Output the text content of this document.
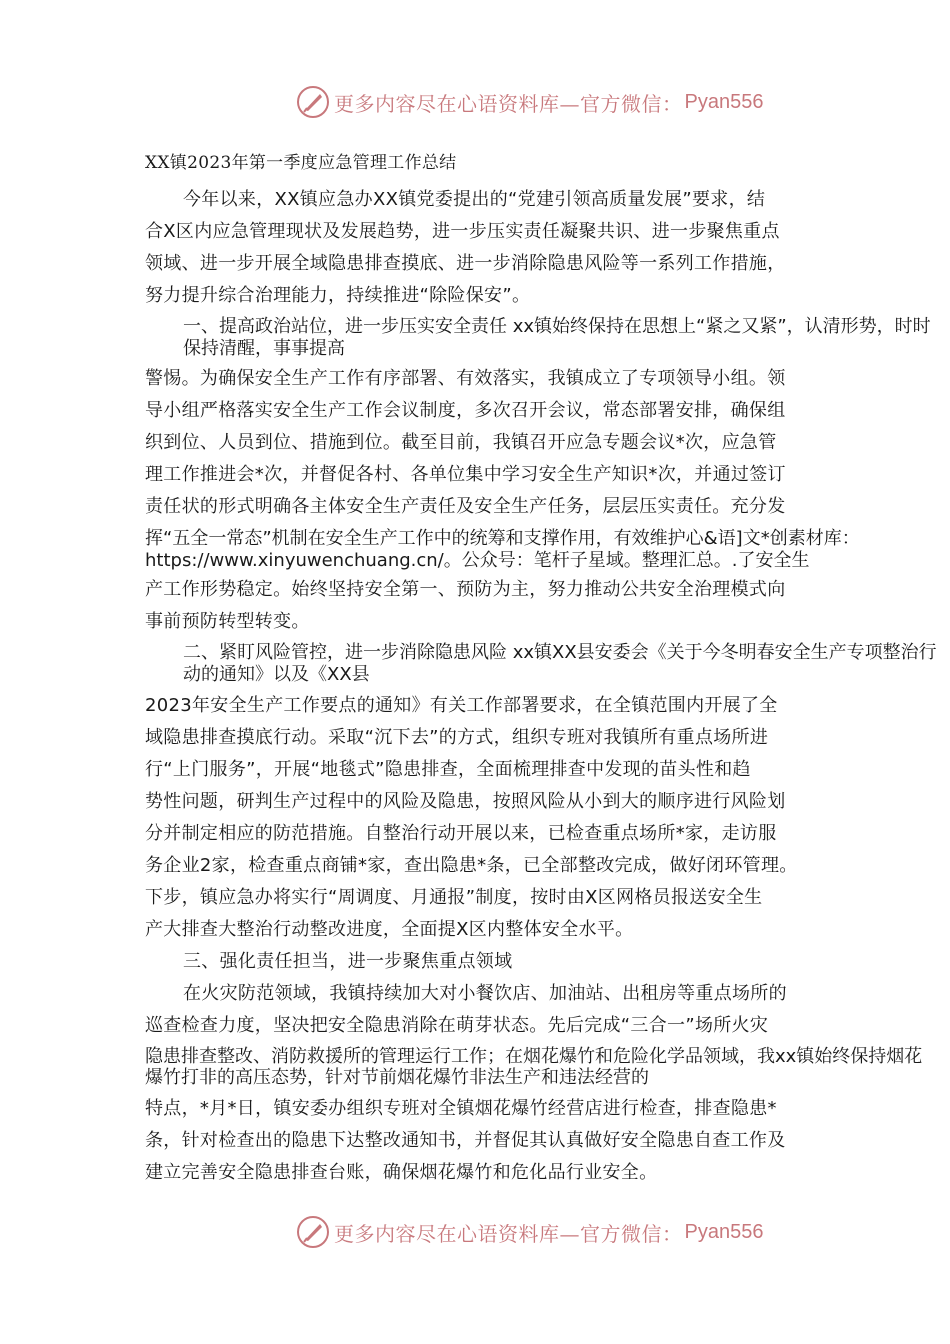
更多内容尽在心语资料库—官方微信： Pyan556
XX镇2023年第一季度应急管理工作总结
今年以来，XX镇应急办XX镇党委提出的“党建引领高质量发展”要求，结
合X区内应急管理现状及发展趋势，进一步压实责任凝聚共识、进一步聚焦重点
领域、进一步开展全域隐患排查摸底、进一步消除隐患风险等一系列工作措施，
努力提升综合治理能力，持续推进“除险保安”。
一、提高政治站位，进一步压实安全责任 xx镇始终保持在思想上“紧之又紧”，认清形势，时时保持清醒，事事提高
警惕。为确保安全生产工作有序部署、有效落实，我镇成立了专项领导小组。领
导小组严格落实安全生产工作会议制度，多次召开会议，常态部署安排，确保组
织到位、人员到位、措施到位。截至目前，我镇召开应急专题会议*次，应急管
理工作推进会*次，并督促各村、各单位集中学习安全生产知识*次，并通过签订
责任状的形式明确各主体安全生产责任及安全生产任务，层层压实责任。充分发
挥“五全一常态”机制在安全生产工作中的统筹和支撑作用，有效维护心&语]文*创素材库：https://www.xinyuwenchuang.cn/。公众号：笔杆子星域。整理汇总。.了安全生
产工作形势稳定。始终坚持安全第一、预防为主，努力推动公共安全治理模式向
事前预防转型转变。
二、紧盯风险管控，进一步消除隐患风险 xx镇XX县安委会《关于今冬明春安全生产专项整治行动的通知》以及《XX县
2023年安全生产工作要点的通知》有关工作部署要求，在全镇范围内开展了全
域隐患排查摸底行动。采取“沉下去”的方式，组织专班对我镇所有重点场所进
行“上门服务”，开展“地毯式”隐患排查，全面梳理排查中发现的苗头性和趋
势性问题，研判生产过程中的风险及隐患，按照风险从小到大的顺序进行风险划
分并制定相应的防范措施。自整治行动开展以来，已检查重点场所*家，走访服
务企业2家，检查重点商铺*家，查出隐患*条，已全部整改完成，做好闭环管理。
下步，镇应急办将实行“周调度、月通报”制度，按时由X区网格员报送安全生
产大排查大整治行动整改进度，全面提X区内整体安全水平。
三、强化责任担当，进一步聚焦重点领域
在火灾防范领域，我镇持续加大对小餐饮店、加油站、出租房等重点场所的
巡查检查力度，坚决把安全隐患消除在萌芽状态。先后完成“三合一”场所火灾
隐患排查整改、消防救援所的管理运行工作；在烟花爆竹和危险化学品领域，我xx镇始终保持烟花爆竹打非的高压态势，针对节前烟花爆竹非法生产和违法经营的
特点，*月*日，镇安委办组织专班对全镇烟花爆竹经营店进行检查，排查隐患*
条，针对检查出的隐患下达整改通知书，并督促其认真做好安全隐患自查工作及
建立完善安全隐患排查台账，确保烟花爆竹和危化品行业安全。
更多内容尽在心语资料库—官方微信： Pyan556
